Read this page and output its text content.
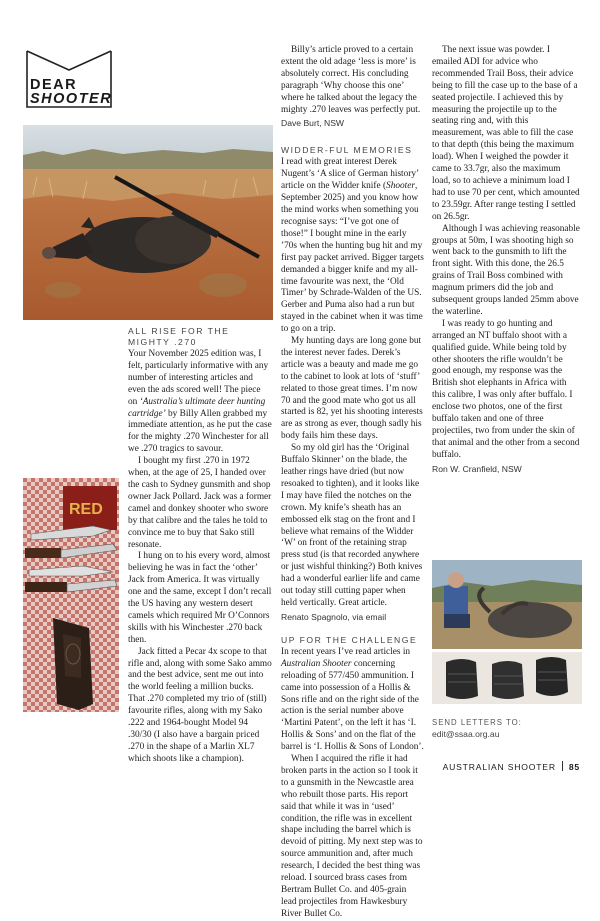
DEAR
SHOOTER
ALL RISE FOR THE MIGHTY .270

Your November 2025 edition was, I felt, particularly informative with any number of interesting articles and even the ads scored well! The piece on ‘Australia’s ultimate deer hunting cartridge’ by Billy Allen grabbed my immediate attention, as he put the case for the mighty .270 Winchester for all we .270 tragics to savour.

I bought my first .270 in 1972 when, at the age of 25, I handed over the cash to Sydney gunsmith and shop owner Jack Pollard. Jack was a former camel and donkey shooter who swore by that calibre and the tales he told to convince me to buy that Sako still resonate.

I hung on to his every word, almost believing he was in fact the ‘other’ Jack from America. It was virtually one and the same, except I don’t recall the US having any western desert camels which required Mr O’Connors skills with his Winchester .270 back then.

Jack fitted a Pecar 4x scope to that rifle and, along with some Sako ammo and the best advice, sent me out into the world feeling a million bucks. That .270 completed my trio of (still) favourite rifles, along with my Sako .222 and 1964-bought Model 94 .30/30 (I also have a bargain priced .270 in the shape of a Marlin XL7 which shoots like a champion).

RED

Billy’s article proved to a certain extent the old adage ‘less is more’ is absolutely correct. His concluding paragraph ‘Why choose this one’ where he talked about the legacy the mighty .270 leaves was perfectly put.

Dave Burt, NSW
WIDDER-FUL MEMORIES

I read with great interest Derek Nugent’s ‘A slice of German history’ article on the Widder knife (Shooter, September 2025) and you know how the mind works when something you recognise says: “I’ve got one of those!” I bought mine in the early ’70s when the hunting bug hit and my first pay packet arrived. Bigger targets demanded a bigger knife and my all-time favourite was next, the ‘Old Timer’ by Schrade-Walden of the US. Gerber and Puma also had a run but stayed in the cabinet when it was time to go on a trip.

My hunting days are long gone but the interest never fades. Derek’s article was a beauty and made me go to the cabinet to look at lots of ‘stuff’ related to those great times. I’m now 70 and the good mate who got us all started is 82, yet his shooting interests are as strong as ever, though sadly his body fails him these days.

So my old girl has the ‘Original Buffalo Skinner’ on the blade, the leather rings have dried (but now resoaked to tighten), and it looks like I may have filed the notches on the crown. My knife’s sheath has an embossed elk stag on the front and I believe what remains of the Widder ‘W’ on front of the retaining strap press stud (is that recorded anywhere or just wishful thinking?) Both knives had a wonderful earlier life and came out today still cutting paper when held vertically. Great article.

Renato Spagnolo, via email
UP FOR THE CHALLENGE

In recent years I’ve read articles in Australian Shooter concerning reloading of 577/450 ammunition. I came into possession of a Hollis & Sons rifle and on the right side of the action is the serial number above ‘Martini Patent’, on the left it has ‘I. Hollis & Sons’ and on the flat of the barrel is ‘I. Hollis & Sons of London’.

When I acquired the rifle it had broken parts in the action so I took it to a gunsmith in the Newcastle area who rebuilt those parts. His report said that while it was in ‘used’ condition, the rifle was in excellent shape including the barrel which is devoid of pitting. My next step was to source ammunition and, after much research, I decided the best thing was reload. I sourced brass cases from Bertram Bullet Co. and 405-grain lead projectiles from Hawkesbury River Bullet Co.

The next issue was powder. I emailed ADI for advice who recommended Trail Boss, their advice being to fill the case up to the base of a seated projectile. I achieved this by measuring the projectile up to the seating ring and, with this measurement, was able to fill the case to that depth (this being the maximum load). When I weighed the powder it came to 33.7gr, also the maximum load, so to achieve a minimum load I had to use 70 per cent, which amounted to 23.59gr. After range testing I settled on 26.5gr.

Although I was achieving reasonable groups at 50m, I was shooting high so went back to the gunsmith to lift the front sight. With this done, the 26.5 grains of Trail Boss combined with magnum primers did the job and subsequent groups landed 25mm above the waterline.

I was ready to go hunting and arranged an NT buffalo shoot with a qualified guide. While being told by other shooters the rifle wouldn’t be good enough, my response was the British shot elephants in Africa with this calibre, I was only after buffalo. I enclose two photos, one of the first buffalo taken and one of three projectiles, two from under the skin of that animal and the other from a second buffalo.

Ron W. Cranfield, NSW
SEND LETTERS TO:
edit@ssaa.org.au
AUSTRALIAN SHOOTER 85
